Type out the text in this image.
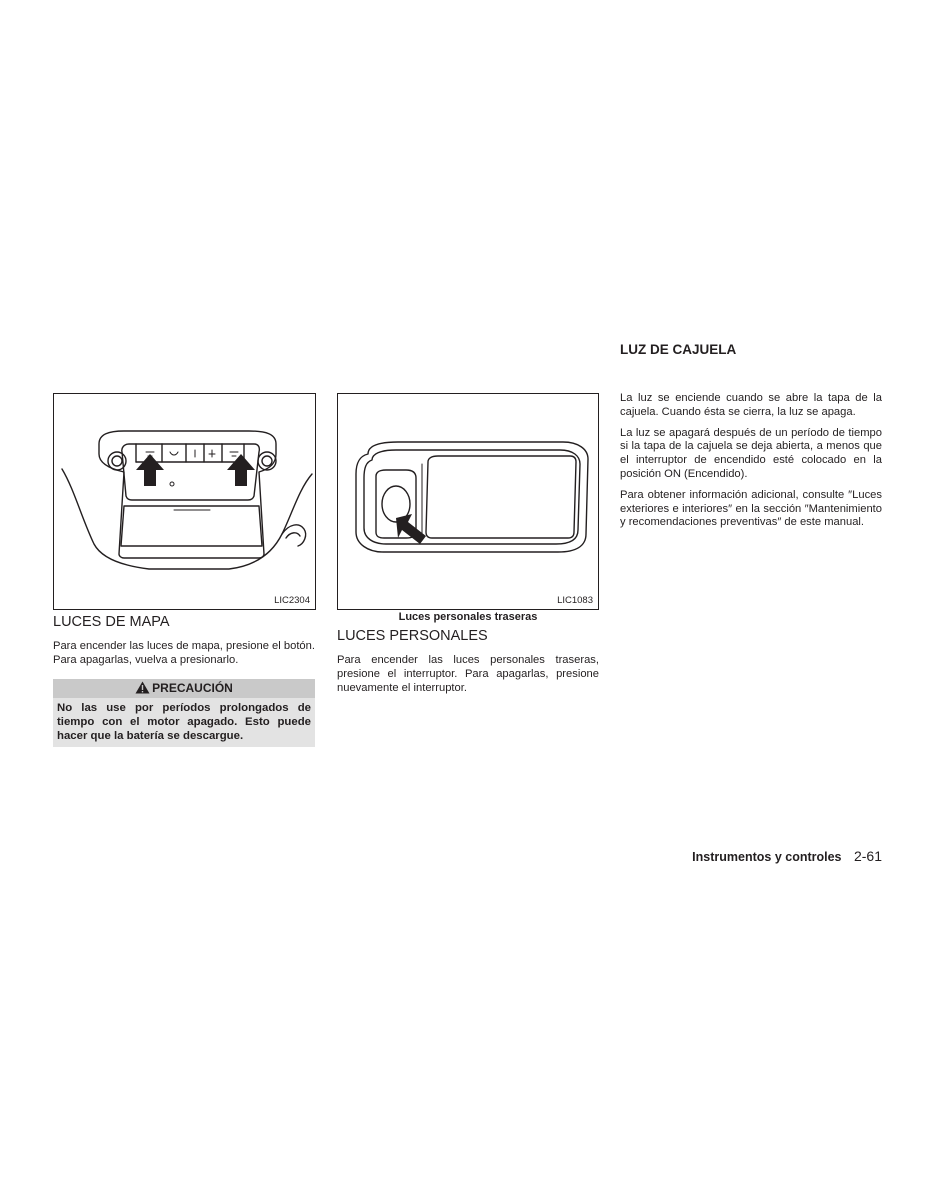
LIC2304
LUCES DE MAPA
Para encender las luces de mapa, presione el botón. Para apagarlas, vuelva a presionarlo.
PRECAUCIÓN
No las use por períodos prolongados de tiempo con el motor apagado. Esto puede hacer que la batería se descargue.
LIC1083
Luces personales traseras
LUCES PERSONALES
Para encender las luces personales traseras, presione el interruptor. Para apagarlas, presione nuevamente el interruptor.
LUZ DE CAJUELA

La luz se enciende cuando se abre la tapa de la cajuela. Cuando ésta se cierra, la luz se apaga.

La luz se apagará después de un período de tiempo si la tapa de la cajuela se deja abierta, a menos que el interruptor de encendido esté colocado en la posición ON (Encendido).

Para obtener información adicional, consulte ″Luces exteriores e interiores″ en la sección ″Mantenimiento y recomendaciones preventivas″ de este manual.

Instrumentos y controles 2-61
